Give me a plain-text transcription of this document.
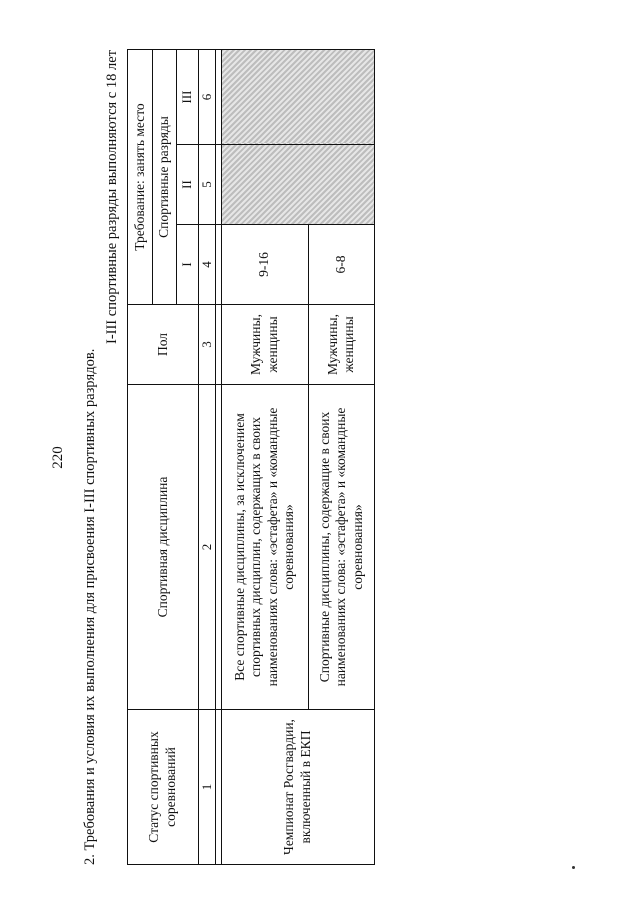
220 2. Требования и условия их выполнения для присвоения I-III спортивных разрядов.
I-III спортивные разряды выполняются с 18 лет
Статус спортивных соревнований	Спортивная дисциплина	Пол	Требование: занять место		
			Спортивные разряды		
			I	II	III
1	2	3	4	5	6

Чемпионат Росгвардии, включенный в ЕКП	Все спортивные дисциплины, за исключением спортивных дисциплин, содержащих в своих наименованиях слова: «эстафета» и «командные соревнования»	Мужчины, женщины	9-16		
	Спортивные дисциплины, содержащие в своих наименованиях слова: «эстафета» и «командные соревнования»	Мужчины, женщины	6-8		
